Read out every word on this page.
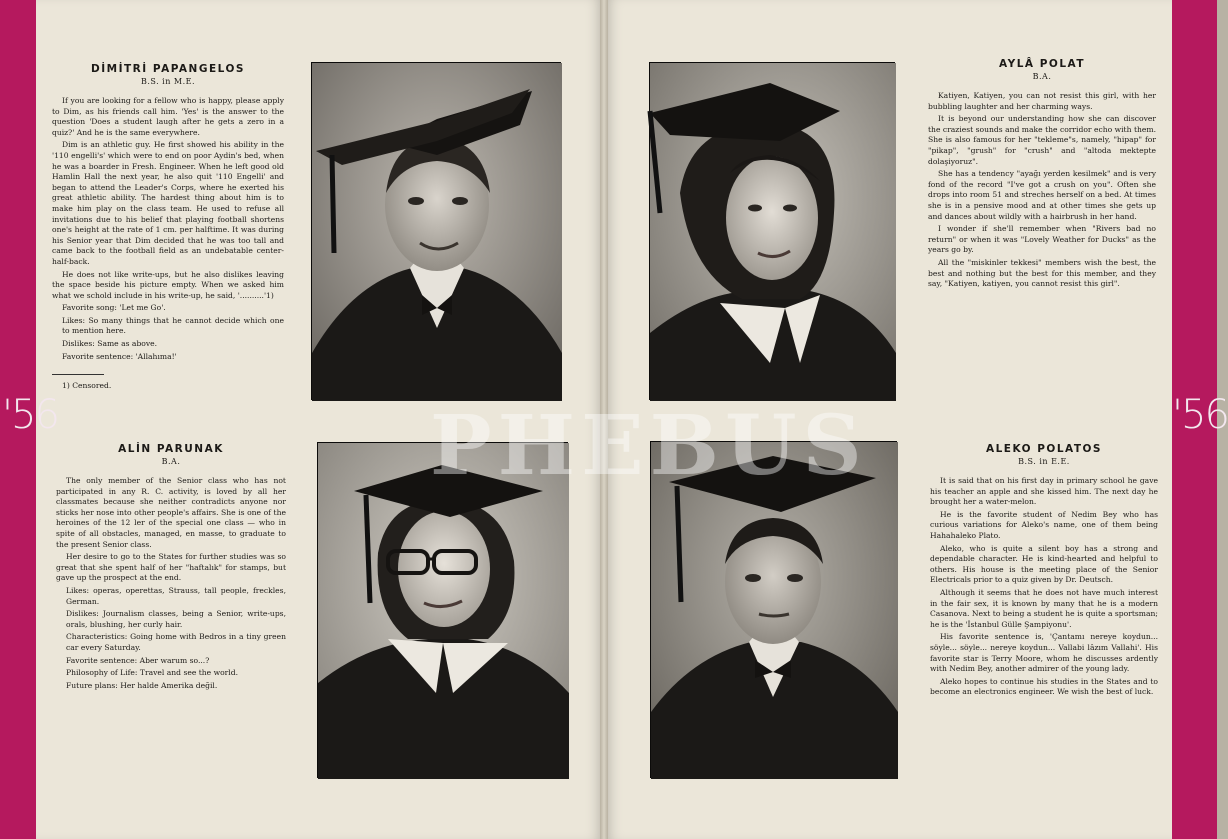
'56	'56
DİMİTRİ PAPANGELOS
B.S. in M.E.

If you are looking for a fellow who is happy, please apply to Dim, as his friends call him. 'Yes' is the answer to the question 'Does a student laugh after he gets a zero in a quiz?' And he is the same everywhere.

Dim is an athletic guy. He first showed his ability in the '110 engelli's' which were to end on poor Aydin's bed, when he was a boarder in Fresh. Engineer. When he left good old Hamlin Hall the next year, he also quit '110 Engelli' and began to attend the Leader's Corps, where he exerted his great athletic ability. The hardest thing about him is to make him play on the class team. He used to refuse all invitations due to his belief that playing football shortens one's height at the rate of 1 cm. per halftime. It was during his Senior year that Dim decided that he was too tall and came back to the football field as an undebatable center-half-back.

He does not like write-ups, but he also dislikes leaving the space beside his picture empty. When we asked him what we schold include in his write-up, he said, '..........'1)

Favorite song: 'Let me Go'.

Likes: So many things that he cannot decide which one to mention here.

Dislikes: Same as above.

Favorite sentence: 'Allahıma!'

1) Censored.
AYLÂ POLAT
B.A.

Katiyen, Katiyen, you can not resist this girl, with her bubbling laughter and her charming ways.

It is beyond our understanding how she can discover the craziest sounds and make the corridor echo with them. She is also famous for her "tekleme"s, namely, "hipap" for "pikap", "grush" for "crush" and "altoda mektepte dolaşiyoruz".

She has a tendency "ayağı yerden kesilmek" and is very fond of the record "I've got a crush on you". Often she drops into room 51 and streches herself on a bed. At times she is in a pensive mood and at other times she gets up and dances about wildly with a hairbrush in her hand.

I wonder if she'll remember when "Rivers bad no return" or when it was "Lovely Weather for Ducks" as the years go by.

All the "miskinler tekkesi" members wish the best, the best and nothing but the best for this member, and they say, "Katiyen, katiyen, you cannot resist this girl".

ALİN PARUNAK
B.A.

The only member of the Senior class who has not participated in any R. C. activity, is loved by all her classmates because she neither contradicts anyone nor sticks her nose into other people's affairs. She is one of the heroines of the 12 ler of the special one class — who in spite of all obstacles, managed, en masse, to graduate to the present Senior class.

Her desire to go to the States for further studies was so great that she spent half of her "haftalık" for stamps, but gave up the prospect at the end.

Likes: operas, operettas, Strauss, tall people, freckles, German.

Dislikes: Journalism classes, being a Senior, write-ups, orals, blushing, her curly hair.

Characteristics: Going home with Bedros in a tiny green car every Saturday.

Favorite sentence: Aber warum so...?

Philosophy of Life: Travel and see the world.

Future plans: Her halde Amerika değil.

ALEKO POLATOS
B.S. in E.E.

It is said that on his first day in primary school he gave his teacher an apple and she kissed him. The next day he brought her a water-melon.

He is the favorite student of Nedim Bey who has curious variations for Aleko's name, one of them being Hahahaleko Plato.

Aleko, who is quite a silent boy has a strong and dependable character. He is kind-hearted and helpful to others. His house is the meeting place of the Senior Electricals prior to a quiz given by Dr. Deutsch.

Although it seems that he does not have much interest in the fair sex, it is known by many that he is a modern Casanova. Next to being a student he is quite a sportsman; he is the 'İstanbul Gülle Şampiyonu'.

His favorite sentence is, 'Çantamı nereye koydun... söyle... söyle... nereye koydun... Vallabi lâzım Vallahi'. His favorite star is Terry Moore, whom he discusses ardently with Nedim Bey, another admirer of the young lady.

Aleko hopes to continue his studies in the States and to become an electronics engineer. We wish the best of luck.

PHEBUS
